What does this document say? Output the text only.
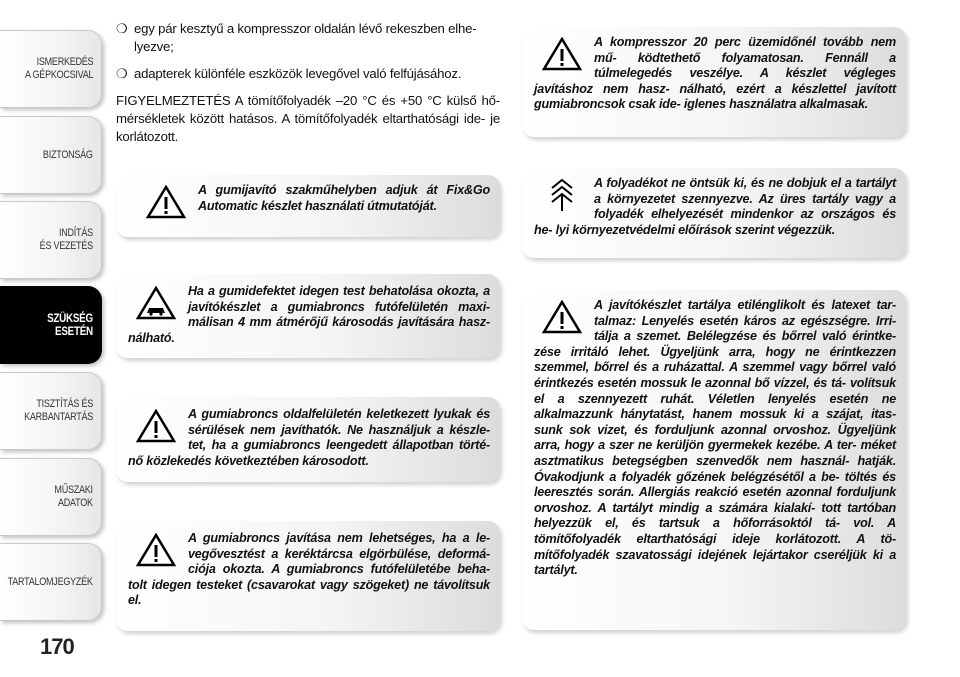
ISMERKEDÉS
A GÉPKOCSIVAL
BIZTONSÁG
INDÍTÁS
ÉS VEZETÉS
SZÜKSÉG
ESETÉN
TISZTÍTÁS ÉS
KARBANTARTÁS
MŰSZAKI
ADATOK
TARTALOMJEGYZÉK
170
❍ egy pár kesztyű a kompresszor oldalán lévő rekeszben elhe- lyezve;
❍ adapterek különféle eszközök levegővel való felfújásához.
FIGYELMEZTETÉS A tömítőfolyadék –20 °C és +50 °C külső hő- mérsékletek között hatásos. A tömítőfolyadék eltarthatósági ide- je korlátozott.

A gumijavító szakműhelyben adjuk át Fix&Go Automatic készlet használati útmutatóját.

Ha a gumidefektet idegen test behatolása okozta, a javítókészlet a gumiabroncs futófelületén maxi- málisan 4 mm átmérőjű károsodás javítására hasz- nálható.

A gumiabroncs oldalfelületén keletkezett lyukak és sérülések nem javíthatók. Ne használjuk a készle- tet, ha a gumiabroncs leengedett állapotban törté- nő közlekedés következtében károsodott.

A gumiabroncs javítása nem lehetséges, ha a le- vegővesztést a keréktárcsa elgörbülése, deformá- ciója okozta. A gumiabroncs futófelületébe beha- tolt idegen testeket (csavarokat vagy szögeket) ne távolítsuk el.

A kompresszor 20 perc üzemidőnél tovább nem mű- ködtethető folyamatosan. Fennáll a túlmelegedés veszélye. A készlet végleges javításhoz nem hasz- nálható, ezért a készlettel javított gumiabroncsok csak ide- iglenes használatra alkalmasak.

A folyadékot ne öntsük ki, és ne dobjuk el a tartályt a környezetet szennyezve. Az üres tartály vagy a folyadék elhelyezését mindenkor az országos és he- lyi környezetvédelmi előírások szerint végezzük.

A javítókészlet tartálya etilénglikolt és latexet tar- talmaz: Lenyelés esetén káros az egészségre. Irri- tálja a szemet. Belélegzése és bőrrel való érintke- zése irritáló lehet. Ügyeljünk arra, hogy ne érintkezzen szemmel, bőrrel és a ruházattal. A szemmel vagy bőrrel való érintkezés esetén mossuk le azonnal bő vízzel, és tá- volítsuk el a szennyezett ruhát. Véletlen lenyelés esetén ne alkalmazzunk hánytatást, hanem mossuk ki a szájat, itas- sunk sok vizet, és forduljunk azonnal orvoshoz. Ügyeljünk arra, hogy a szer ne kerüljön gyermekek kezébe. A ter- méket asztmatikus betegségben szenvedők nem használ- hatják. Óvakodjunk a folyadék gőzének belégzésétől a be- töltés és leeresztés során. Allergiás reakció esetén azonnal forduljunk orvoshoz. A tartályt mindig a számára kialakí- tott tartóban helyezzük el, és tartsuk a hőforrásoktól tá- vol. A tömítőfolyadék eltarthatósági ideje korlátozott. A tö- mítőfolyadék szavatossági idejének lejártakor cseréljük ki a tartályt.
